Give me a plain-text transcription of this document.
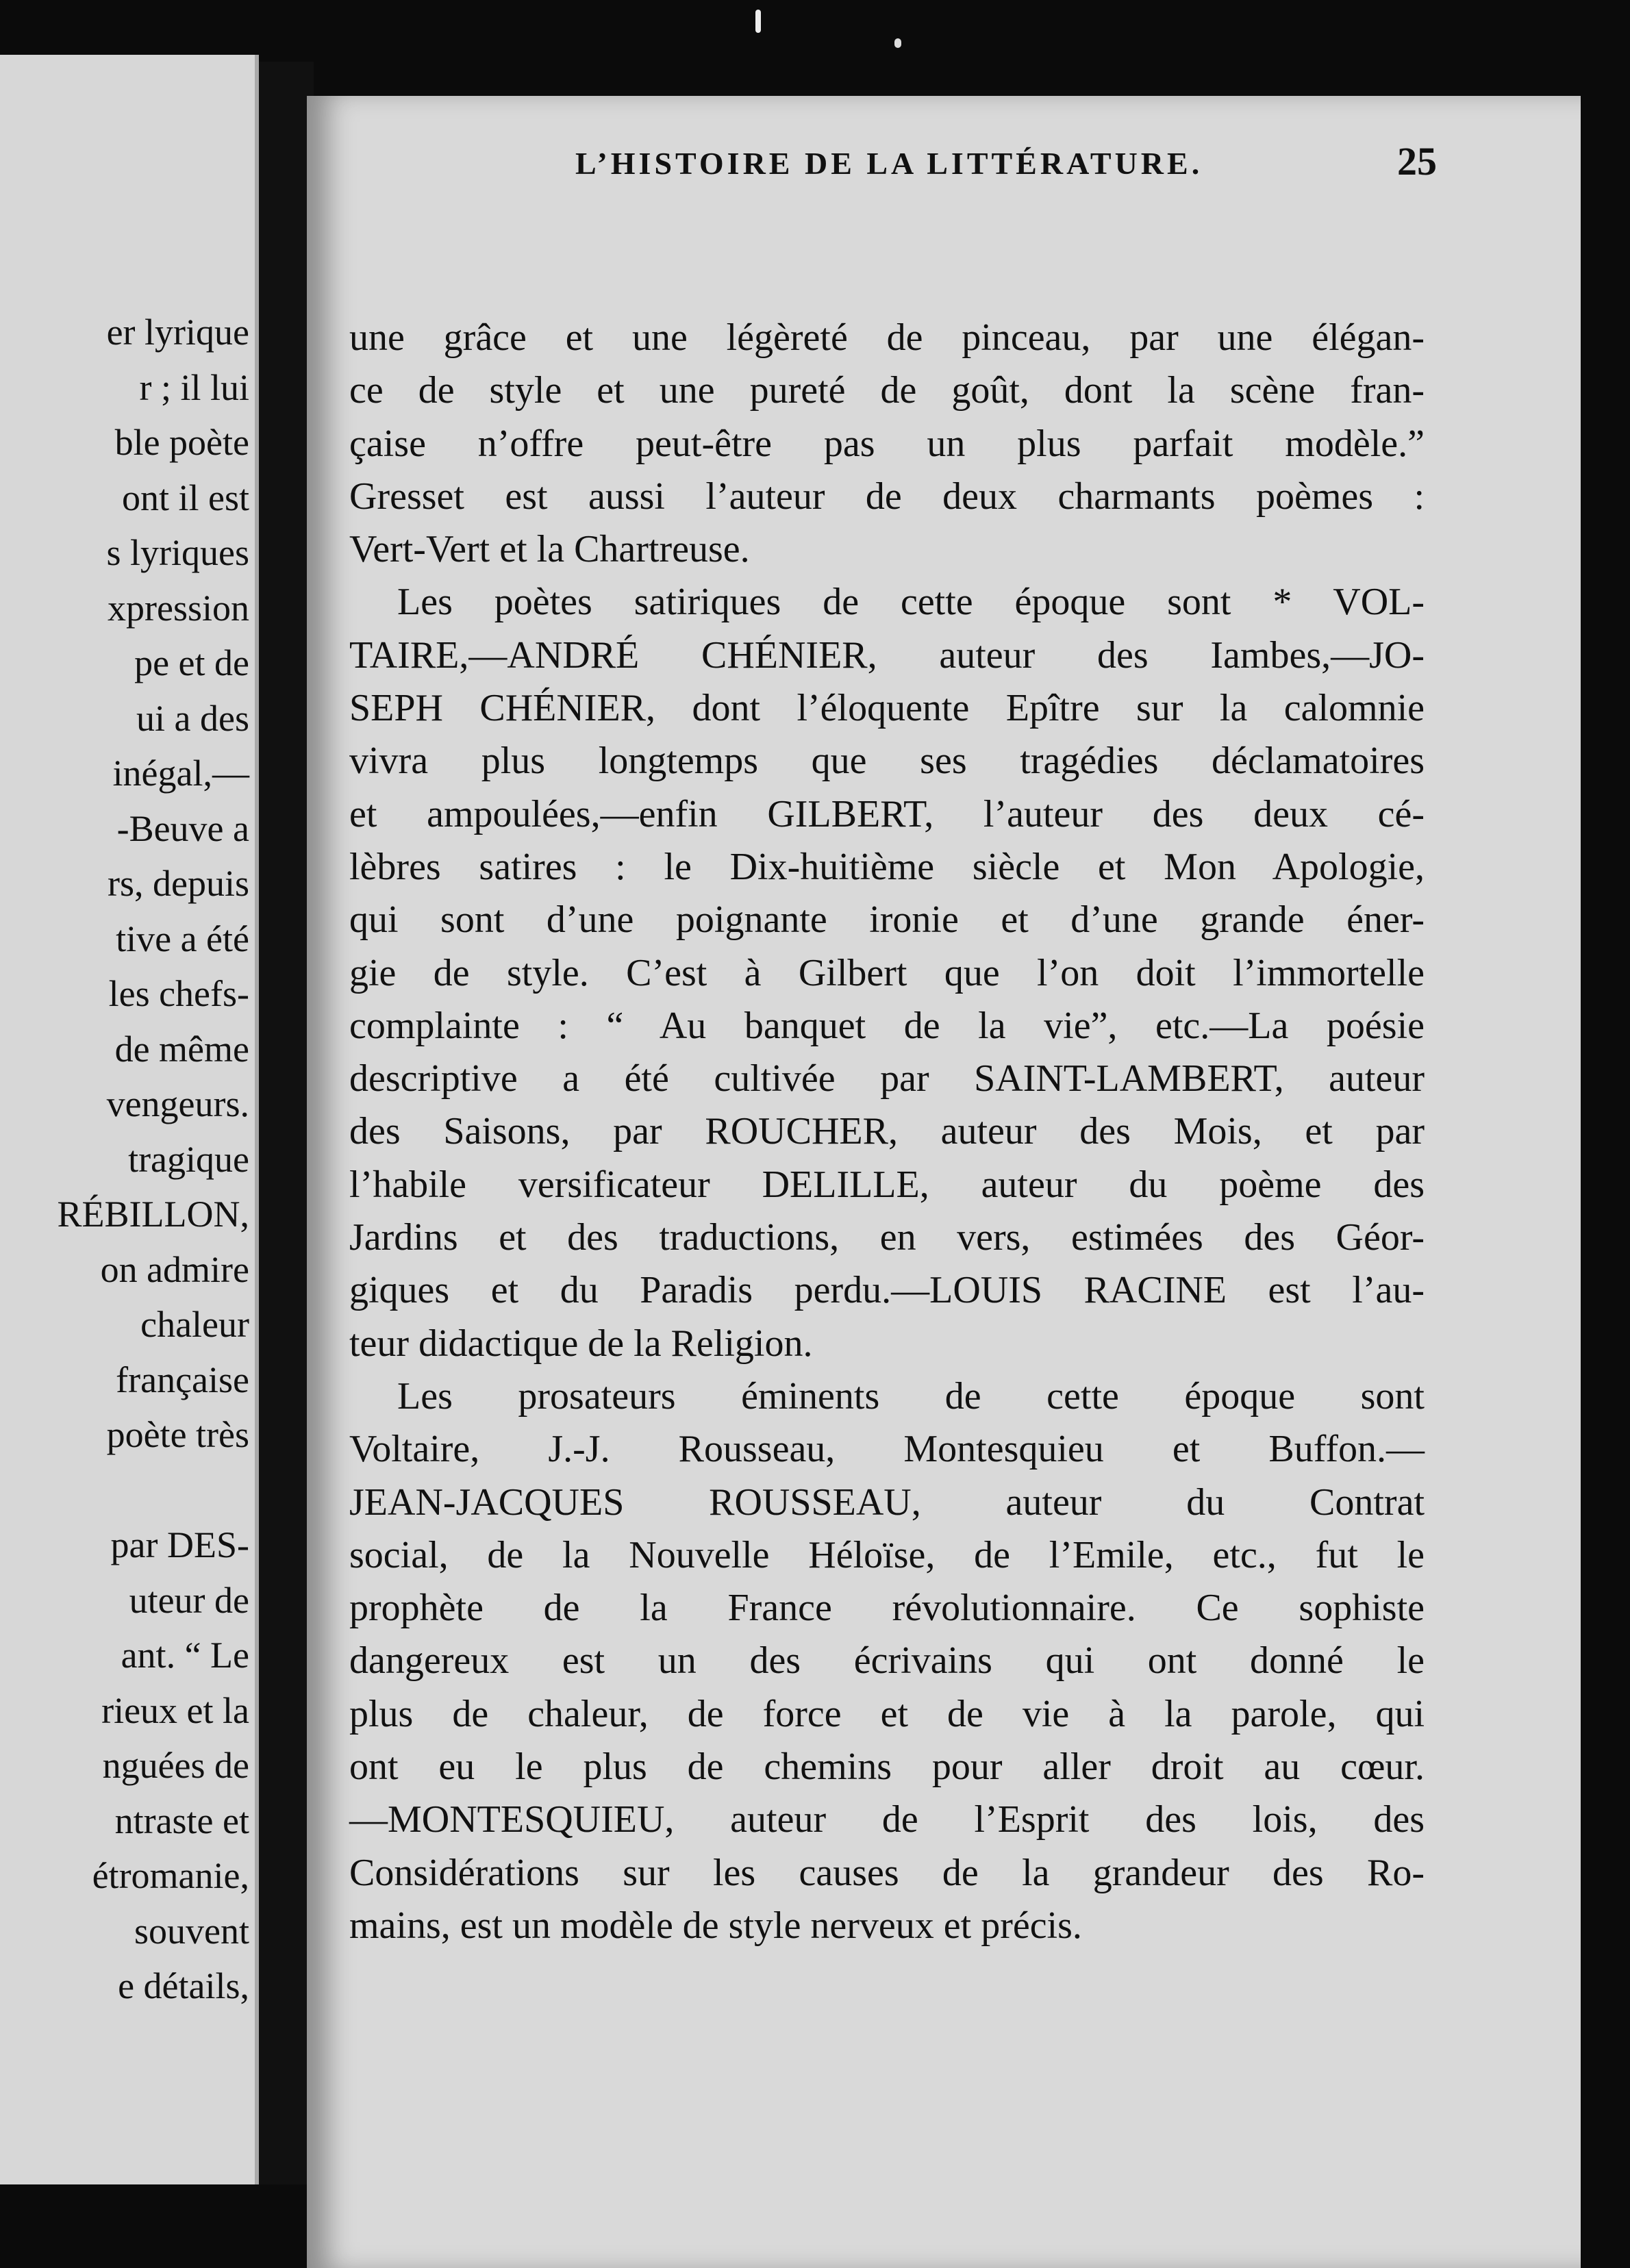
er lyrique
r ; il lui
ble poète
ont il est
s lyriques
xpression
pe et de
ui a des
inégal,—
-Beuve a
rs, depuis
tive a été
les chefs-
de même
vengeurs.
tragique
RÉBILLON,
on admire
chaleur
française
poète très
par DES-
uteur de
ant. “ Le
rieux et la
nguées de
ntraste et
étromanie,
souvent
e détails,
L’HISTOIRE DE LA LITTÉRATURE.	25
une grâce et une légèreté de pinceau, par une élégan-
ce de style et une pureté de goût, dont la scène fran-
çaise n’offre peut-être pas un plus parfait modèle.”
Gresset est aussi l’auteur de deux charmants poèmes :
Vert-Vert et la Chartreuse.
Les poètes satiriques de cette époque sont * VOL-
TAIRE,—ANDRÉ CHÉNIER, auteur des Iambes,—JO-
SEPH CHÉNIER, dont l’éloquente Epître sur la calomnie
vivra plus longtemps que ses tragédies déclamatoires
et ampoulées,—enfin GILBERT, l’auteur des deux cé-
lèbres satires : le Dix-huitième siècle et Mon Apologie,
qui sont d’une poignante ironie et d’une grande éner-
gie de style. C’est à Gilbert que l’on doit l’immortelle
complainte : “ Au banquet de la vie”, etc.—La poésie
descriptive a été cultivée par SAINT-LAMBERT, auteur
des Saisons, par ROUCHER, auteur des Mois, et par
l’habile versificateur DELILLE, auteur du poème des
Jardins et des traductions, en vers, estimées des Géor-
giques et du Paradis perdu.—LOUIS RACINE est l’au-
teur didactique de la Religion.
Les prosateurs éminents de cette époque sont
Voltaire, J.-J. Rousseau, Montesquieu et Buffon.—
JEAN-JACQUES ROUSSEAU, auteur du Contrat
social, de la Nouvelle Héloïse, de l’Emile, etc., fut le
prophète de la France révolutionnaire. Ce sophiste
dangereux est un des écrivains qui ont donné le
plus de chaleur, de force et de vie à la parole, qui
ont eu le plus de chemins pour aller droit au cœur.
—MONTESQUIEU, auteur de l’Esprit des lois, des
Considérations sur les causes de la grandeur des Ro-
mains, est un modèle de style nerveux et précis.
